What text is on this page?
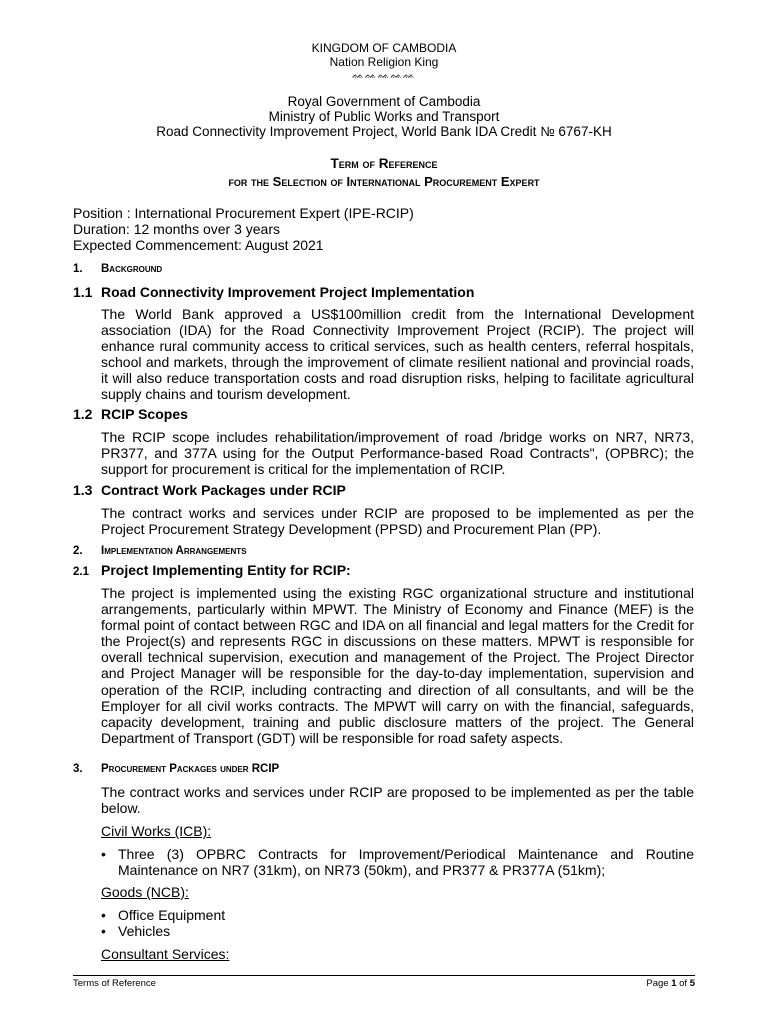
KINGDOM OF CAMBODIA
Nation Religion King
ᨐᨐᨐᨐᨐ
Royal Government of Cambodia
Ministry of Public Works and Transport
Road Connectivity Improvement Project, World Bank IDA Credit № 6767-KH
Term of Reference
for the Selection of International Procurement Expert
Position : International Procurement Expert (IPE-RCIP)
Duration: 12 months over 3 years
Expected Commencement: August 2021
1. Background
1.1 Road Connectivity Improvement Project Implementation
The World Bank approved a US$100million credit from the International Development association (IDA) for the Road Connectivity Improvement Project (RCIP). The project will enhance rural community access to critical services, such as health centers, referral hospitals, school and markets, through the improvement of climate resilient national and provincial roads, it will also reduce transportation costs and road disruption risks, helping to facilitate agricultural supply chains and tourism development.
1.2 RCIP Scopes
The RCIP scope includes rehabilitation/improvement of road /bridge works on NR7, NR73, PR377, and 377A using for the Output Performance-based Road Contracts", (OPBRC); the support for procurement is critical for the implementation of RCIP.
1.3 Contract Work Packages under RCIP
The contract works and services under RCIP are proposed to be implemented as per the Project Procurement Strategy Development (PPSD) and Procurement Plan (PP).
2. Implementation Arrangements
2.1 Project Implementing Entity for RCIP:
The project is implemented using the existing RGC organizational structure and institutional arrangements, particularly within MPWT. The Ministry of Economy and Finance (MEF) is the formal point of contact between RGC and IDA on all financial and legal matters for the Credit for the Project(s) and represents RGC in discussions on these matters. MPWT is responsible for overall technical supervision, execution and management of the Project. The Project Director and Project Manager will be responsible for the day-to-day implementation, supervision and operation of the RCIP, including contracting and direction of all consultants, and will be the Employer for all civil works contracts. The MPWT will carry on with the financial, safeguards, capacity development, training and public disclosure matters of the project. The General Department of Transport (GDT) will be responsible for road safety aspects.
3. Procurement Packages under RCIP
The contract works and services under RCIP are proposed to be implemented as per the table below.
Civil Works (ICB):
• Three (3) OPBRC Contracts for Improvement/Periodical Maintenance and Routine Maintenance on NR7 (31km), on NR73 (50km), and PR377 & PR377A (51km);
Goods (NCB):
• Office Equipment
• Vehicles
Consultant Services:
Terms of Reference	Page 1 of 5
